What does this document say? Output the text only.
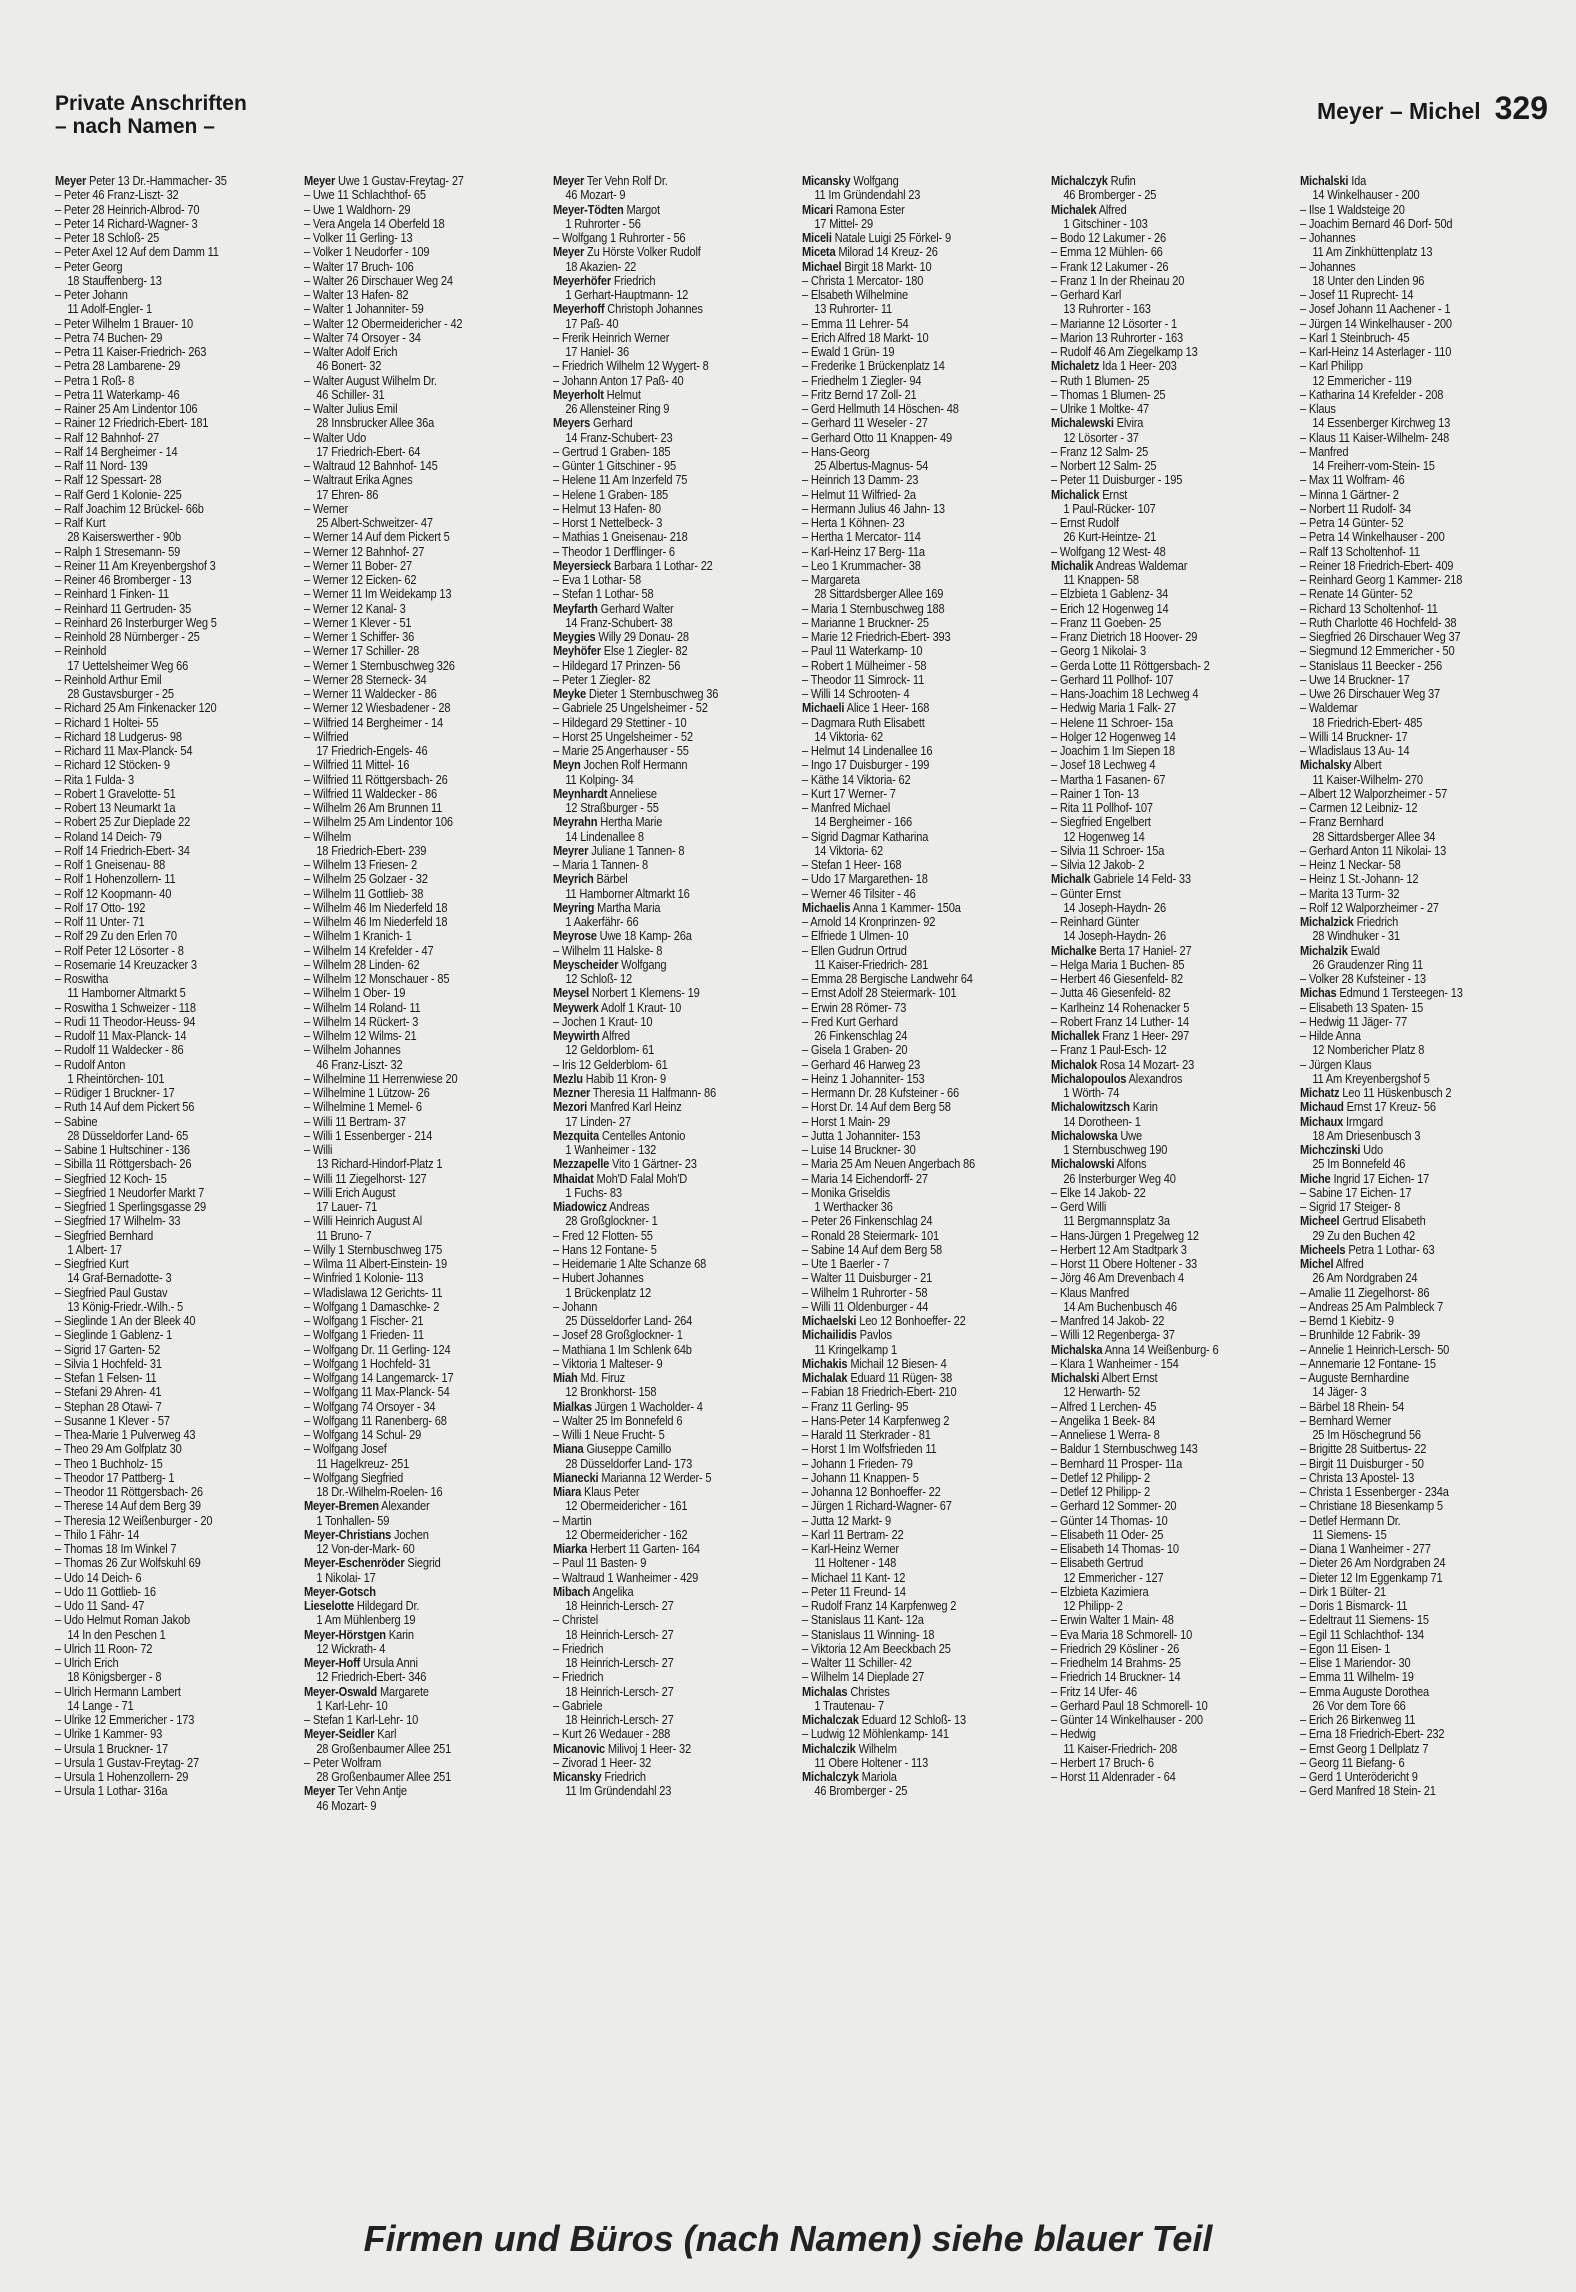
Private Anschriften
– nach Namen –
Meyer – Michel 329
Meyer Peter 13 Dr.-Hammacher- 35
– Peter 46 Franz-Liszt- 32
– Peter 28 Heinrich-Albrod- 70
– Peter 14 Richard-Wagner- 3
– Peter 18 Schloß- 25
– Peter Axel 12 Auf dem Damm 11
– Peter Georg
18 Stauffenberg- 13
– Peter Johann
11 Adolf-Engler- 1
– Peter Wilhelm 1 Brauer- 10
– Petra 74 Buchen- 29
– Petra 11 Kaiser-Friedrich- 263
– Petra 28 Lambarene- 29
– Petra 1 Roß- 8
– Petra 11 Waterkamp- 46
– Rainer 25 Am Lindentor 106
– Rainer 12 Friedrich-Ebert- 181
– Ralf 12 Bahnhof- 27
– Ralf 14 Bergheimer - 14
– Ralf 11 Nord- 139
– Ralf 12 Spessart- 28
– Ralf Gerd 1 Kolonie- 225
– Ralf Joachim 12 Brückel- 66b
– Ralf Kurt
28 Kaiserswerther - 90b
– Ralph 1 Stresemann- 59
– Reiner 11 Am Kreyenbergshof 3
– Reiner 46 Bromberger - 13
– Reinhard 1 Finken- 11
– Reinhard 11 Gertruden- 35
– Reinhard 26 Insterburger Weg 5
– Reinhold 28 Nürnberger - 25
– Reinhold
17 Uettelsheimer Weg 66
– Reinhold Arthur Emil
28 Gustavsburger - 25
– Richard 25 Am Finkenacker 120
– Richard 1 Holtei- 55
– Richard 18 Ludgerus- 98
– Richard 11 Max-Planck- 54
– Richard 12 Stöcken- 9
– Rita 1 Fulda- 3
– Robert 1 Gravelotte- 51
– Robert 13 Neumarkt 1a
– Robert 25 Zur Dieplade 22
– Roland 14 Deich- 79
– Rolf 14 Friedrich-Ebert- 34
– Rolf 1 Gneisenau- 88
– Rolf 1 Hohenzollern- 11
– Rolf 12 Koopmann- 40
– Rolf 17 Otto- 192
– Rolf 11 Unter- 71
– Rolf 29 Zu den Erlen 70
– Rolf Peter 12 Lösorter - 8
– Rosemarie 14 Kreuzacker 3
– Roswitha
11 Hamborner Altmarkt 5
– Roswitha 1 Schweizer - 118
– Rudi 11 Theodor-Heuss- 94
– Rudolf 11 Max-Planck- 14
– Rudolf 11 Waldecker - 86
– Rudolf Anton
1 Rheintörchen- 101
– Rüdiger 1 Bruckner- 17
– Ruth 14 Auf dem Pickert 56
– Sabine
28 Düsseldorfer Land- 65
– Sabine 1 Hultschiner - 136
– Sibilla 11 Röttgersbach- 26
– Siegfried 12 Koch- 15
– Siegfried 1 Neudorfer Markt 7
– Siegfried 1 Sperlingsgasse 29
– Siegfried 17 Wilhelm- 33
– Siegfried Bernhard
1 Albert- 17
– Siegfried Kurt
14 Graf-Bernadotte- 3
– Siegfried Paul Gustav
13 König-Friedr.-Wilh.- 5
– Sieglinde 1 An der Bleek 40
– Sieglinde 1 Gablenz- 1
– Sigrid 17 Garten- 52
– Silvia 1 Hochfeld- 31
– Stefan 1 Felsen- 11
– Stefani 29 Ahren- 41
– Stephan 28 Otawi- 7
– Susanne 1 Klever - 57
– Thea-Marie 1 Pulverweg 43
– Theo 29 Am Golfplatz 30
– Theo 1 Buchholz- 15
– Theodor 17 Pattberg- 1
– Theodor 11 Röttgersbach- 26
– Therese 14 Auf dem Berg 39
– Theresia 12 Weißenburger - 20
– Thilo 1 Fähr- 14
– Thomas 18 Im Winkel 7
– Thomas 26 Zur Wolfskuhl 69
– Udo 14 Deich- 6
– Udo 11 Gottlieb- 16
– Udo 11 Sand- 47
– Udo Helmut Roman Jakob
14 In den Peschen 1
– Ulrich 11 Roon- 72
– Ulrich Erich
18 Königsberger - 8
– Ulrich Hermann Lambert
14 Lange - 71
– Ulrike 12 Emmericher - 173
– Ulrike 1 Kammer- 93
– Ursula 1 Bruckner- 17
– Ursula 1 Gustav-Freytag- 27
– Ursula 1 Hohenzollern- 29
– Ursula 1 Lothar- 316a
Meyer Uwe 1 Gustav-Freytag- 27
– Uwe 11 Schlachthof- 65
– Uwe 1 Waldhorn- 29
– Vera Angela 14 Oberfeld 18
– Volker 11 Gerling- 13
– Volker 1 Neudorfer - 109
– Walter 17 Bruch- 106
– Walter 26 Dirschauer Weg 24
– Walter 13 Hafen- 82
– Walter 1 Johanniter- 59
– Walter 12 Obermeidericher - 42
– Walter 74 Orsoyer - 34
– Walter Adolf Erich
46 Bonert- 32
– Walter August Wilhelm Dr.
46 Schiller- 31
– Walter Julius Emil
28 Innsbrucker Allee 36a
– Walter Udo
17 Friedrich-Ebert- 64
– Waltraud 12 Bahnhof- 145
– Waltraut Erika Agnes
17 Ehren- 86
– Werner
25 Albert-Schweitzer- 47
– Werner 14 Auf dem Pickert 5
– Werner 12 Bahnhof- 27
– Werner 11 Bober- 27
– Werner 12 Eicken- 62
– Werner 11 Im Weidekamp 13
– Werner 12 Kanal- 3
– Werner 1 Klever - 51
– Werner 1 Schiffer- 36
– Werner 17 Schiller- 28
– Werner 1 Sternbuschweg 326
– Werner 28 Sterneck- 34
– Werner 11 Waldecker - 86
– Werner 12 Wiesbadener - 28
– Wilfried 14 Bergheimer - 14
– Wilfried
17 Friedrich-Engels- 46
– Wilfried 11 Mittel- 16
– Wilfried 11 Röttgersbach- 26
– Wilfried 11 Waldecker - 86
– Wilhelm 26 Am Brunnen 11
– Wilhelm 25 Am Lindentor 106
– Wilhelm
18 Friedrich-Ebert- 239
– Wilhelm 13 Friesen- 2
– Wilhelm 25 Golzaer - 32
– Wilhelm 11 Gottlieb- 38
– Wilhelm 46 Im Niederfeld 18
– Wilhelm 46 Im Niederfeld 18
– Wilhelm 1 Kranich- 1
– Wilhelm 14 Krefelder - 47
– Wilhelm 28 Linden- 62
– Wilhelm 12 Monschauer - 85
– Wilhelm 1 Ober- 19
– Wilhelm 14 Roland- 11
– Wilhelm 14 Rückert- 3
– Wilhelm 12 Wilms- 21
– Wilhelm Johannes
46 Franz-Liszt- 32
– Wilhelmine 11 Herrenwiese 20
– Wilhelmine 1 Lützow- 26
– Wilhelmine 1 Memel- 6
– Willi 11 Bertram- 37
– Willi 1 Essenberger - 214
– Willi
13 Richard-Hindorf-Platz 1
– Willi 11 Ziegelhorst- 127
– Willi Erich August
17 Lauer- 71
– Willi Heinrich August Al
11 Bruno- 7
– Willy 1 Sternbuschweg 175
– Wilma 11 Albert-Einstein- 19
– Winfried 1 Kolonie- 113
– Wladislawa 12 Gerichts- 11
– Wolfgang 1 Damaschke- 2
– Wolfgang 1 Fischer- 21
– Wolfgang 1 Frieden- 11
– Wolfgang Dr. 11 Gerling- 124
– Wolfgang 1 Hochfeld- 31
– Wolfgang 14 Langemarck- 17
– Wolfgang 11 Max-Planck- 54
– Wolfgang 74 Orsoyer - 34
– Wolfgang 11 Ranenberg- 68
– Wolfgang 14 Schul- 29
– Wolfgang Josef
11 Hagelkreuz- 251
– Wolfgang Siegfried
18 Dr.-Wilhelm-Roelen- 16
Meyer-Bremen Alexander
1 Tonhallen- 59
Meyer-Christians Jochen
12 Von-der-Mark- 60
Meyer-Eschenröder Siegrid
1 Nikolai- 17
Meyer-Gotsch
Lieselotte Hildegard Dr.
1 Am Mühlenberg 19
Meyer-Hörstgen Karin
12 Wickrath- 4
Meyer-Hoff Ursula Anni
12 Friedrich-Ebert- 346
Meyer-Oswald Margarete
1 Karl-Lehr- 10
– Stefan 1 Karl-Lehr- 10
Meyer-Seidler Karl
28 Großenbaumer Allee 251
– Peter Wolfram
28 Großenbaumer Allee 251
Meyer Ter Vehn Antje
46 Mozart- 9
Meyer Ter Vehn Rolf Dr.
46 Mozart- 9
Meyer-Tödten Margot
1 Ruhrorter - 56
– Wolfgang 1 Ruhrorter - 56
Meyer Zu Hörste Volker Rudolf
18 Akazien- 22
Meyerhöfer Friedrich
1 Gerhart-Hauptmann- 12
Meyerhoff Christoph Johannes
17 Paß- 40
– Frerik Heinrich Werner
17 Haniel- 36
– Friedrich Wilhelm 12 Wygert- 8
– Johann Anton 17 Paß- 40
Meyerholt Helmut
26 Allensteiner Ring 9
Meyers Gerhard
14 Franz-Schubert- 23
– Gertrud 1 Graben- 185
– Günter 1 Gitschiner - 95
– Helene 11 Am Inzerfeld 75
– Helene 1 Graben- 185
– Helmut 13 Hafen- 80
– Horst 1 Nettelbeck- 3
– Mathias 1 Gneisenau- 218
– Theodor 1 Derfflinger- 6
Meyersieck Barbara 1 Lothar- 22
– Eva 1 Lothar- 58
– Stefan 1 Lothar- 58
Meyfarth Gerhard Walter
14 Franz-Schubert- 38
Meygies Willy 29 Donau- 28
Meyhöfer Else 1 Ziegler- 82
– Hildegard 17 Prinzen- 56
– Peter 1 Ziegler- 82
Meyke Dieter 1 Sternbuschweg 36
– Gabriele 25 Ungelsheimer - 52
– Hildegard 29 Stettiner - 10
– Horst 25 Ungelsheimer - 52
– Marie 25 Angerhauser - 55
Meyn Jochen Rolf Hermann
11 Kolping- 34
Meynhardt Anneliese
12 Straßburger - 55
Meyrahn Hertha Marie
14 Lindenallee 8
Meyrer Juliane 1 Tannen- 8
– Maria 1 Tannen- 8
Meyrich Bärbel
11 Hamborner Altmarkt 16
Meyring Martha Maria
1 Aakerfähr- 66
Meyrose Uwe 18 Kamp- 26a
– Wilhelm 11 Halske- 8
Meyscheider Wolfgang
12 Schloß- 12
Meysel Norbert 1 Klemens- 19
Meywerk Adolf 1 Kraut- 10
– Jochen 1 Kraut- 10
Meywirth Alfred
12 Geldorblom- 61
– Iris 12 Gelderblom- 61
Mezlu Habib 11 Kron- 9
Mezner Theresia 11 Halfmann- 86
Mezori Manfred Karl Heinz
17 Linden- 27
Mezquita Centelles Antonio
1 Wanheimer - 132
Mezzapelle Vito 1 Gärtner- 23
Mhaidat Moh'D Falal Moh'D
1 Fuchs- 83
Miadowicz Andreas
28 Großglockner- 1
– Fred 12 Flotten- 55
– Hans 12 Fontane- 5
– Heidemarie 1 Alte Schanze 68
– Hubert Johannes
1 Brückenplatz 12
– Johann
25 Düsseldorfer Land- 264
– Josef 28 Großglockner- 1
– Mathiana 1 Im Schlenk 64b
– Viktoria 1 Malteser- 9
Miah Md. Firuz
12 Bronkhorst- 158
Mialkas Jürgen 1 Wacholder- 4
– Walter 25 Im Bonnefeld 6
– Willi 1 Neue Frucht- 5
Miana Giuseppe Camillo
28 Düsseldorfer Land- 173
Mianecki Marianna 12 Werder- 5
Miara Klaus Peter
12 Obermeidericher - 161
– Martin
12 Obermeidericher - 162
Miarka Herbert 11 Garten- 164
– Paul 11 Basten- 9
– Waltraud 1 Wanheimer - 429
Mibach Angelika
18 Heinrich-Lersch- 27
– Christel
18 Heinrich-Lersch- 27
– Friedrich
18 Heinrich-Lersch- 27
– Friedrich
18 Heinrich-Lersch- 27
– Gabriele
18 Heinrich-Lersch- 27
– Kurt 26 Wedauer - 288
Micanovic Milivoj 1 Heer- 32
– Zivorad 1 Heer- 32
Micansky Friedrich
11 Im Gründendahl 23
Micansky Wolfgang
11 Im Gründendahl 23
Micari Ramona Ester
17 Mittel- 29
Miceli Natale Luigi 25 Förkel- 9
Miceta Milorad 14 Kreuz- 26
Michael Birgit 18 Markt- 10
– Christa 1 Mercator- 180
– Elsabeth Wilhelmine
13 Ruhrorter- 11
– Emma 11 Lehrer- 54
– Erich Alfred 18 Markt- 10
– Ewald 1 Grün- 19
– Frederike 1 Brückenplatz 14
– Friedhelm 1 Ziegler- 94
– Fritz Bernd 17 Zoll- 21
– Gerd Hellmuth 14 Höschen- 48
– Gerhard 11 Weseler - 27
– Gerhard Otto 11 Knappen- 49
– Hans-Georg
25 Albertus-Magnus- 54
– Heinrich 13 Damm- 23
– Helmut 11 Wilfried- 2a
– Hermann Julius 46 Jahn- 13
– Herta 1 Köhnen- 23
– Hertha 1 Mercator- 114
– Karl-Heinz 17 Berg- 11a
– Leo 1 Krummacher- 38
– Margareta
28 Sittardsberger Allee 169
– Maria 1 Sternbuschweg 188
– Marianne 1 Bruckner- 25
– Marie 12 Friedrich-Ebert- 393
– Paul 11 Waterkamp- 10
– Robert 1 Mülheimer - 58
– Theodor 11 Simrock- 11
– Willi 14 Schrooten- 4
Michaeli Alice 1 Heer- 168
– Dagmara Ruth Elisabett
14 Viktoria- 62
– Helmut 14 Lindenallee 16
– Ingo 17 Duisburger - 199
– Käthe 14 Viktoria- 62
– Kurt 17 Werner- 7
– Manfred Michael
14 Bergheimer - 166
– Sigrid Dagmar Katharina
14 Viktoria- 62
– Stefan 1 Heer- 168
– Udo 17 Margarethen- 18
– Werner 46 Tilsiter - 46
Michaelis Anna 1 Kammer- 150a
– Arnold 14 Kronprinzen- 92
– Elfriede 1 Ulmen- 10
– Ellen Gudrun Ortrud
11 Kaiser-Friedrich- 281
– Emma 28 Bergische Landwehr 64
– Ernst Adolf 28 Steiermark- 101
– Erwin 28 Römer- 73
– Fred Kurt Gerhard
26 Finkenschlag 24
– Gisela 1 Graben- 20
– Gerhard 46 Harweg 23
– Heinz 1 Johanniter- 153
– Hermann Dr. 28 Kufsteiner - 66
– Horst Dr. 14 Auf dem Berg 58
– Horst 1 Main- 29
– Jutta 1 Johanniter- 153
– Luise 14 Bruckner- 30
– Maria 25 Am Neuen Angerbach 86
– Maria 14 Eichendorff- 27
– Monika Griseldis
1 Werthacker 36
– Peter 26 Finkenschlag 24
– Ronald 28 Steiermark- 101
– Sabine 14 Auf dem Berg 58
– Ute 1 Baerler - 7
– Walter 11 Duisburger - 21
– Wilhelm 1 Ruhrorter - 58
– Willi 11 Oldenburger - 44
Michaelski Leo 12 Bonhoeffer- 22
Michailidis Pavlos
11 Kringelkamp 1
Michakis Michail 12 Biesen- 4
Michalak Eduard 11 Rügen- 38
– Fabian 18 Friedrich-Ebert- 210
– Franz 11 Gerling- 95
– Hans-Peter 14 Karpfenweg 2
– Harald 11 Sterkrader - 81
– Horst 1 Im Wolfsfrieden 11
– Johann 1 Frieden- 79
– Johann 11 Knappen- 5
– Johanna 12 Bonhoeffer- 22
– Jürgen 1 Richard-Wagner- 67
– Jutta 12 Markt- 9
– Karl 11 Bertram- 22
– Karl-Heinz Werner
11 Holtener - 148
– Michael 11 Kant- 12
– Peter 11 Freund- 14
– Rudolf Franz 14 Karpfenweg 2
– Stanislaus 11 Kant- 12a
– Stanislaus 11 Winning- 18
– Viktoria 12 Am Beeckbach 25
– Walter 11 Schiller- 42
– Wilhelm 14 Dieplade 27
Michalas Christes
1 Trautenau- 7
Michalczak Eduard 12 Schloß- 13
– Ludwig 12 Möhlenkamp- 141
Michalczik Wilhelm
11 Obere Holtener - 113
Michalczyk Mariola
46 Bromberger - 25
Michalczyk Rufin
46 Bromberger - 25
Michalek Alfred
1 Gitschiner - 103
– Bodo 12 Lakumer - 26
– Emma 12 Mühlen- 66
– Frank 12 Lakumer - 26
– Franz 1 In der Rheinau 20
– Gerhard Karl
13 Ruhrorter - 163
– Marianne 12 Lösorter - 1
– Marion 13 Ruhrorter - 163
– Rudolf 46 Am Ziegelkamp 13
Michaletz Ida 1 Heer- 203
– Ruth 1 Blumen- 25
– Thomas 1 Blumen- 25
– Ulrike 1 Moltke- 47
Michalewski Elvira
12 Lösorter - 37
– Franz 12 Salm- 25
– Norbert 12 Salm- 25
– Peter 11 Duisburger - 195
Michalick Ernst
1 Paul-Rücker- 107
– Ernst Rudolf
26 Kurt-Heintze- 21
– Wolfgang 12 West- 48
Michalik Andreas Waldemar
11 Knappen- 58
– Elzbieta 1 Gablenz- 34
– Erich 12 Hogenweg 14
– Franz 11 Goeben- 25
– Franz Dietrich 18 Hoover- 29
– Georg 1 Nikolai- 3
– Gerda Lotte 11 Röttgersbach- 2
– Gerhard 11 Pollhof- 107
– Hans-Joachim 18 Lechweg 4
– Hedwig Maria 1 Falk- 27
– Helene 11 Schroer- 15a
– Holger 12 Hogenweg 14
– Joachim 1 Im Siepen 18
– Josef 18 Lechweg 4
– Martha 1 Fasanen- 67
– Rainer 1 Ton- 13
– Rita 11 Pollhof- 107
– Siegfried Engelbert
12 Hogenweg 14
– Silvia 11 Schroer- 15a
– Silvia 12 Jakob- 2
Michalk Gabriele 14 Feld- 33
– Günter Ernst
14 Joseph-Haydn- 26
– Reinhard Günter
14 Joseph-Haydn- 26
Michalke Berta 17 Haniel- 27
– Helga Maria 1 Buchen- 85
– Herbert 46 Giesenfeld- 82
– Jutta 46 Giesenfeld- 82
– Karlheinz 14 Rohenacker 5
– Robert Franz 14 Luther- 14
Michallek Franz 1 Heer- 297
– Franz 1 Paul-Esch- 12
Michalok Rosa 14 Mozart- 23
Michalopoulos Alexandros
1 Wörth- 74
Michalowitzsch Karin
14 Dorotheen- 1
Michalowska Uwe
1 Sternbuschweg 190
Michalowski Alfons
26 Insterburger Weg 40
– Elke 14 Jakob- 22
– Gerd Willi
11 Bergmannsplatz 3a
– Hans-Jürgen 1 Pregelweg 12
– Herbert 12 Am Stadtpark 3
– Horst 11 Obere Holtener - 33
– Jörg 46 Am Drevenbach 4
– Klaus Manfred
14 Am Buchenbusch 46
– Manfred 14 Jakob- 22
– Willi 12 Regenberga- 37
Michalska Anna 14 Weißenburg- 6
– Klara 1 Wanheimer - 154
Michalski Albert Ernst
12 Herwarth- 52
– Alfred 1 Lerchen- 45
– Angelika 1 Beek- 84
– Anneliese 1 Werra- 8
– Baldur 1 Sternbuschweg 143
– Bernhard 11 Prosper- 11a
– Detlef 12 Philipp- 2
– Detlef 12 Philipp- 2
– Gerhard 12 Sommer- 20
– Günter 14 Thomas- 10
– Elisabeth 11 Oder- 25
– Elisabeth 14 Thomas- 10
– Elisabeth Gertrud
12 Emmericher - 127
– Elzbieta Kazimiera
12 Philipp- 2
– Erwin Walter 1 Main- 48
– Eva Maria 18 Schmorell- 10
– Friedrich 29 Kösliner - 26
– Friedhelm 14 Brahms- 25
– Friedrich 14 Bruckner- 14
– Fritz 14 Ufer- 46
– Gerhard Paul 18 Schmorell- 10
– Günter 14 Winkelhauser - 200
– Hedwig
11 Kaiser-Friedrich- 208
– Herbert 17 Bruch- 6
– Horst 11 Aldenrader - 64
Michalski Ida
14 Winkelhauser - 200
– Ilse 1 Waldsteige 20
– Joachim Bernard 46 Dorf- 50d
– Johannes
11 Am Zinkhüttenplatz 13
– Johannes
18 Unter den Linden 96
– Josef 11 Ruprecht- 14
– Josef Johann 11 Aachener - 1
– Jürgen 14 Winkelhauser - 200
– Karl 1 Steinbruch- 45
– Karl-Heinz 14 Asterlager - 110
– Karl Philipp
12 Emmericher - 119
– Katharina 14 Krefelder - 208
– Klaus
14 Essenberger Kirchweg 13
– Klaus 11 Kaiser-Wilhelm- 248
– Manfred
14 Freiherr-vom-Stein- 15
– Max 11 Wolfram- 46
– Minna 1 Gärtner- 2
– Norbert 11 Rudolf- 34
– Petra 14 Günter- 52
– Petra 14 Winkelhauser - 200
– Ralf 13 Scholtenhof- 11
– Reiner 18 Friedrich-Ebert- 409
– Reinhard Georg 1 Kammer- 218
– Renate 14 Günter- 52
– Richard 13 Scholtenhof- 11
– Ruth Charlotte 46 Hochfeld- 38
– Siegfried 26 Dirschauer Weg 37
– Siegmund 12 Emmericher - 50
– Stanislaus 11 Beecker - 256
– Uwe 14 Bruckner- 17
– Uwe 26 Dirschauer Weg 37
– Waldemar
18 Friedrich-Ebert- 485
– Willi 14 Bruckner- 17
– Wladislaus 13 Au- 14
Michalsky Albert
11 Kaiser-Wilhelm- 270
– Albert 12 Walporzheimer - 57
– Carmen 12 Leibniz- 12
– Franz Bernhard
28 Sittardsberger Allee 34
– Gerhard Anton 11 Nikolai- 13
– Heinz 1 Neckar- 58
– Heinz 1 St.-Johann- 12
– Marita 13 Turm- 32
– Rolf 12 Walporzheimer - 27
Michalzick Friedrich
28 Windhuker - 31
Michalzik Ewald
26 Graudenzer Ring 11
– Volker 28 Kufsteiner - 13
Michas Edmund 1 Tersteegen- 13
– Elisabeth 13 Spaten- 15
– Hedwig 11 Jäger- 77
– Hilde Anna
12 Nombericher Platz 8
– Jürgen Klaus
11 Am Kreyenbergshof 5
Michatz Leo 11 Hüskenbusch 2
Michaud Ernst 17 Kreuz- 56
Michaux Irmgard
18 Am Driesenbusch 3
Michczinski Udo
25 Im Bonnefeld 46
Miche Ingrid 17 Eichen- 17
– Sabine 17 Eichen- 17
– Sigrid 17 Steiger- 8
Micheel Gertrud Elisabeth
29 Zu den Buchen 42
Micheels Petra 1 Lothar- 63
Michel Alfred
26 Am Nordgraben 24
– Amalie 11 Ziegelhorst- 86
– Andreas 25 Am Palmbleck 7
– Bernd 1 Kiebitz- 9
– Brunhilde 12 Fabrik- 39
– Annelie 1 Heinrich-Lersch- 50
– Annemarie 12 Fontane- 15
– Auguste Bernhardine
14 Jäger- 3
– Bärbel 18 Rhein- 54
– Bernhard Werner
25 Im Höschegrund 56
– Brigitte 28 Suitbertus- 22
– Birgit 11 Duisburger - 50
– Christa 13 Apostel- 13
– Christa 1 Essenberger - 234a
– Christiane 18 Biesenkamp 5
– Detlef Hermann Dr.
11 Siemens- 15
– Diana 1 Wanheimer - 277
– Dieter 26 Am Nordgraben 24
– Dieter 12 Im Eggenkamp 71
– Dirk 1 Bülter- 21
– Doris 1 Bismarck- 11
– Edeltraut 11 Siemens- 15
– Egil 11 Schlachthof- 134
– Egon 11 Eisen- 1
– Elise 1 Mariendor- 30
– Emma 11 Wilhelm- 19
– Emma Auguste Dorothea
26 Vor dem Tore 66
– Erich 26 Birkenweg 11
– Erna 18 Friedrich-Ebert- 232
– Ernst Georg 1 Dellplatz 7
– Georg 11 Biefang- 6
– Gerd 1 Unterödericht 9
– Gerd Manfred 18 Stein- 21
Firmen und Büros (nach Namen) siehe blauer Teil
